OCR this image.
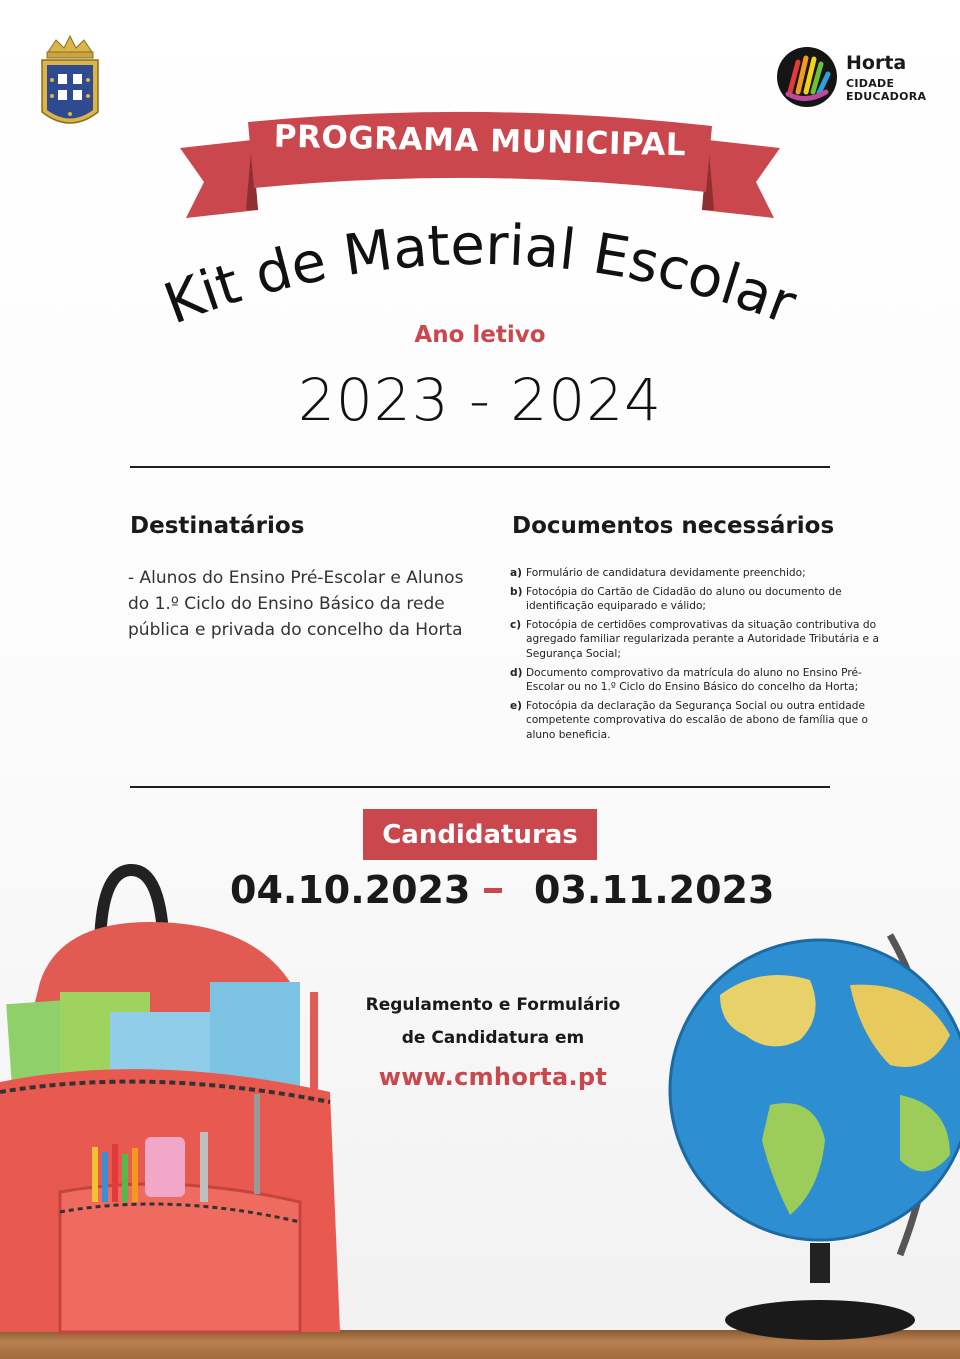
Horta
CIDADE
EDUCADORA
PROGRAMA MUNICIPAL
Kit de Material Escolar
Ano letivo
2023 - 2024
Destinatários
- Alunos do Ensino Pré-Escolar e Alunos do 1.º Ciclo do Ensino Básico da rede pública e privada do concelho da Horta
Documentos necessários
a) Formulário de candidatura devidamente preenchido;
b) Fotocópia do Cartão de Cidadão do aluno ou documento de identificação equiparado e válido;
c) Fotocópia de certidões comprovativas da situação contributiva do agregado familiar regularizada perante a Autoridade Tributária e a Segurança Social;
d) Documento comprovativo da matrícula do aluno no Ensino Pré-Escolar ou no 1.º Ciclo do Ensino Básico do concelho da Horta;
e) Fotocópia da declaração da Segurança Social ou outra entidade competente comprovativa do escalão de abono de família que o aluno beneficia.
Candidaturas
04.10.2023 03.11.2023
Regulamento e Formulário
de Candidatura em
www.cmhorta.pt
